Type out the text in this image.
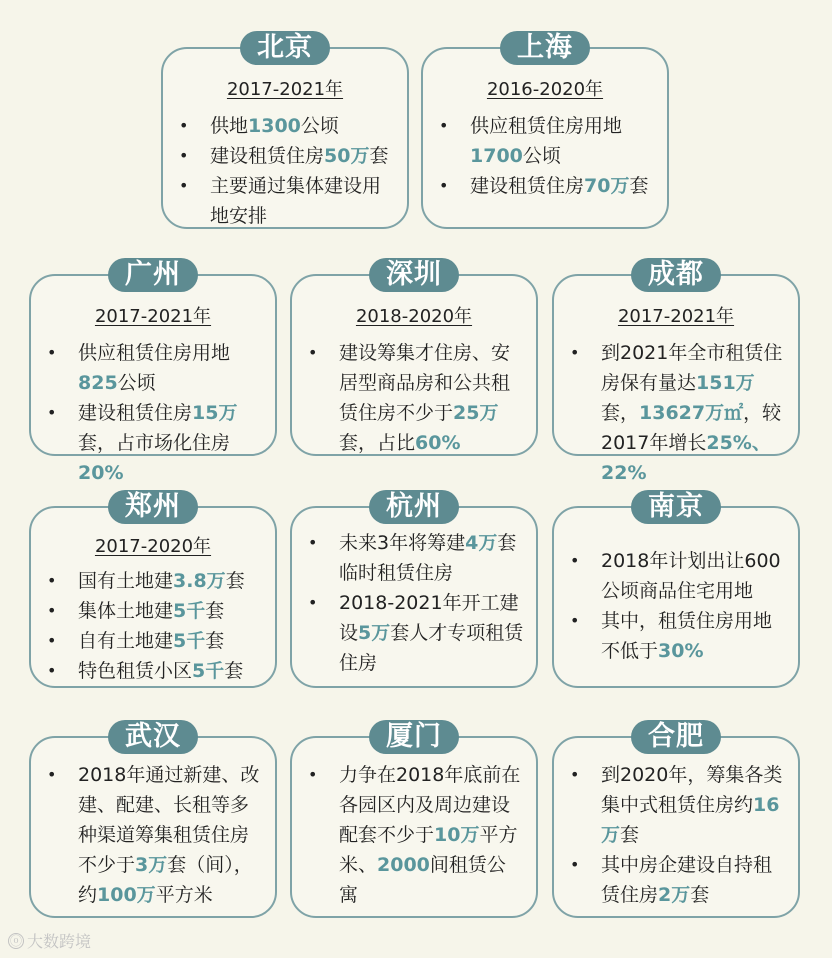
北京
2017-2021年
• 供地1300公顷
• 建设租赁住房50万套
• 主要通过集体建设用地安排
上海
2016-2020年
• 供应租赁住房用地1700公顷
• 建设租赁住房70万套
广州
2017-2021年
• 供应租赁住房用地825公顷
• 建设租赁住房15万套，占市场化住房20%
深圳
2018-2020年
• 建设筹集才住房、安居型商品房和公共租赁住房不少于25万套，占比60%
成都
2017-2021年
• 到2021年全市租赁住房保有量达151万套，13627万㎡，较2017年增长25%、22%
郑州
2017-2020年
• 国有土地建3.8万套
• 集体土地建5千套
• 自有土地建5千套
• 特色租赁小区5千套
杭州
• 未来3年将筹建4万套临时租赁住房
• 2018-2021年开工建设5万套人才专项租赁住房
南京
• 2018年计划出让600公顷商品住宅用地
• 其中，租赁住房用地不低于30%
武汉
• 2018年通过新建、改建、配建、长租等多种渠道筹集租赁住房不少于3万套（间），约100万平方米
厦门
• 力争在2018年底前在各园区内及周边建设配套不少于10万平方米、2000间租赁公寓
合肥
• 到2020年，筹集各类集中式租赁住房约16万套
• 其中房企建设自持租赁住房2万套
ⓞ 大数跨境
